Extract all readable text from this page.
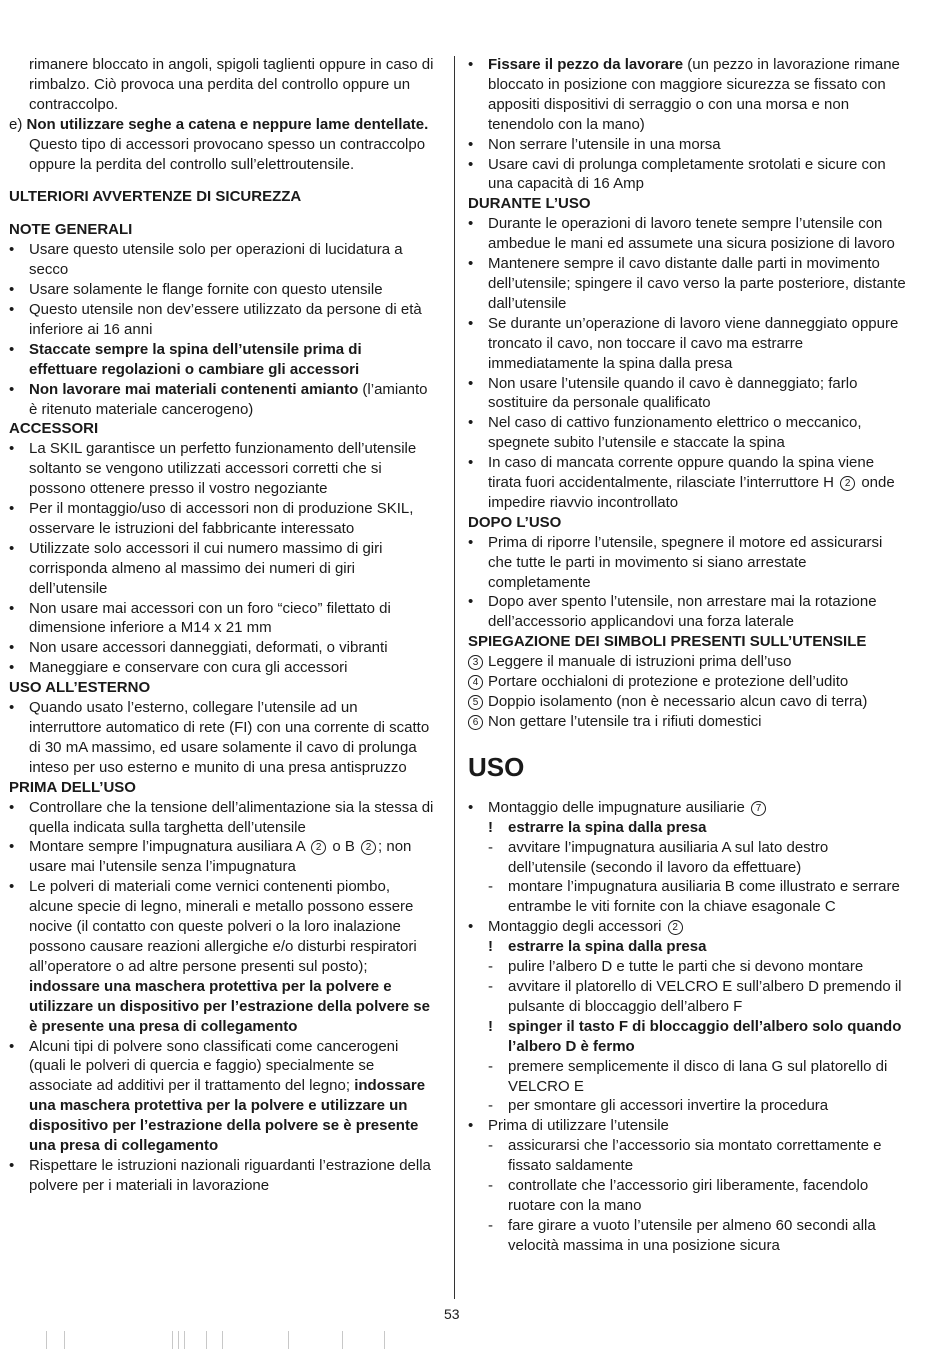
rimanere bloccato in angoli, spigoli taglienti oppure in caso di rimbalzo. Ciò provoca una perdita del controllo oppure un contraccolpo.
e) Non utilizzare seghe a catena e neppure lame dentellate. Questo tipo di accessori provocano spesso un contraccolpo oppure la perdita del controllo sull’elettroutensile.
ULTERIORI AVVERTENZE DI SICUREZZA
NOTE GENERALI
• Usare questo utensile solo per operazioni di lucidatura a secco
• Usare solamente le flange fornite con questo utensile
• Questo utensile non dev’essere utilizzato da persone di età inferiore ai 16 anni
• Staccate sempre la spina dell’utensile prima di effettuare regolazioni o cambiare gli accessori
• Non lavorare mai materiali contenenti amianto (l’amianto è ritenuto materiale cancerogeno)
ACCESSORI
• La SKIL garantisce un perfetto funzionamento dell’utensile soltanto se vengono utilizzati accessori corretti che si possono ottenere presso il vostro negoziante
• Per il montaggio/uso di accessori non di produzione SKIL, osservare le istruzioni del fabbricante interessato
• Utilizzate solo accessori il cui numero massimo di giri corrisponda almeno al massimo dei numeri di giri dell’utensile
• Non usare mai accessori con un foro “cieco” filettato di dimensione inferiore a M14 x 21 mm
• Non usare accessori danneggiati, deformati, o vibranti
• Maneggiare e conservare con cura gli accessori
USO ALL’ESTERNO
• Quando usato l’esterno, collegare l’utensile ad un interruttore automatico di rete (FI) con una corrente di scatto di 30 mA massimo, ed usare solamente il cavo di prolunga inteso per uso esterno e munito di una presa antispruzzo
PRIMA DELL’USO
• Controllare che la tensione dell’alimentazione sia la stessa di quella indicata sulla targhetta dell’utensile
• Montare sempre l’impugnatura ausiliara A 2 o B 2 ; non usare mai l’utensile senza l’impugnatura
• Le polveri di materiali come vernici contenenti piombo, alcune specie di legno, minerali e metallo possono essere nocive (il contatto con queste polveri o la loro inalazione possono causare reazioni allergiche e/o disturbi respiratori all’operatore o ad altre persone presenti sul posto); indossare una maschera protettiva per la polvere e utilizzare un dispositivo per l’estrazione della polvere se è presente una presa di collegamento
• Alcuni tipi di polvere sono classificati come cancerogeni (quali le polveri di quercia e faggio) specialmente se associate ad additivi per il trattamento del legno; indossare una maschera protettiva per la polvere e utilizzare un dispositivo per l’estrazione della polvere se è presente una presa di collegamento
• Rispettare le istruzioni nazionali riguardanti l’estrazione della polvere per i materiali in lavorazione
• Fissare il pezzo da lavorare (un pezzo in lavorazione rimane bloccato in posizione con maggiore sicurezza se fissato con appositi dispositivi di serraggio o con una morsa e non tenendolo con la mano)
• Non serrare l’utensile in una morsa
• Usare cavi di prolunga completamente srotolati e sicure con una capacità di 16 Amp
DURANTE L’USO
• Durante le operazioni di lavoro tenete sempre l’utensile con ambedue le mani ed assumete una sicura posizione di lavoro
• Mantenere sempre il cavo distante dalle parti in movimento dell’utensile; spingere il cavo verso la parte posteriore, distante dall’utensile
• Se durante un’operazione di lavoro viene danneggiato oppure troncato il cavo, non toccare il cavo ma estrarre immediatamente la spina dalla presa
• Non usare l’utensile quando il cavo è danneggiato; farlo sostituire da personale qualificato
• Nel caso di cattivo funzionamento elettrico o meccanico, spegnete subito l’utensile e staccate la spina
• In caso di mancata corrente oppure quando la spina viene tirata fuori accidentalmente, rilasciate l’interruttore H 2 onde impedire riavvio incontrollato
DOPO L’USO
• Prima di riporre l’utensile, spegnere il motore ed assicurarsi che tutte le parti in movimento si siano arrestate completamente
• Dopo aver spento l’utensile, non arrestare mai la rotazione dell’accessorio applicandovi una forza laterale
SPIEGAZIONE DEI SIMBOLI PRESENTI SULL’UTENSILE
3 Leggere il manuale di istruzioni prima dell’uso
4 Portare occhialoni di protezione e protezione dell’udito
5 Doppio isolamento (non è necessario alcun cavo di terra)
6 Non gettare l’utensile tra i rifiuti domestici
USO
• Montaggio delle impugnature ausiliarie 7
! estrarre la spina dalla presa
- avvitare l’impugnatura ausiliaria A sul lato destro dell’utensile (secondo il lavoro da effettuare)
- montare l’impugnatura ausiliaria B come illustrato e serrare entrambe le viti fornite con la chiave esagonale C
• Montaggio degli accessori 2
! estrarre la spina dalla presa
- pulire l’albero D e tutte le parti che si devono montare
- avvitare il platorello di VELCRO E sull’albero D premendo il pulsante di bloccaggio dell’albero F
! spinger il tasto F di bloccaggio dell’albero solo quando l’albero D è fermo
- premere semplicemente il disco di lana G sul platorello di VELCRO E
- per smontare gli accessori invertire la procedura
• Prima di utilizzare l’utensile
- assicurarsi che l’accessorio sia montato correttamente e fissato saldamente
- controllate che l’accessorio giri liberamente, facendolo ruotare con la mano
- fare girare a vuoto l’utensile per almeno 60 secondi alla velocità massima in una posizione sicura
53
